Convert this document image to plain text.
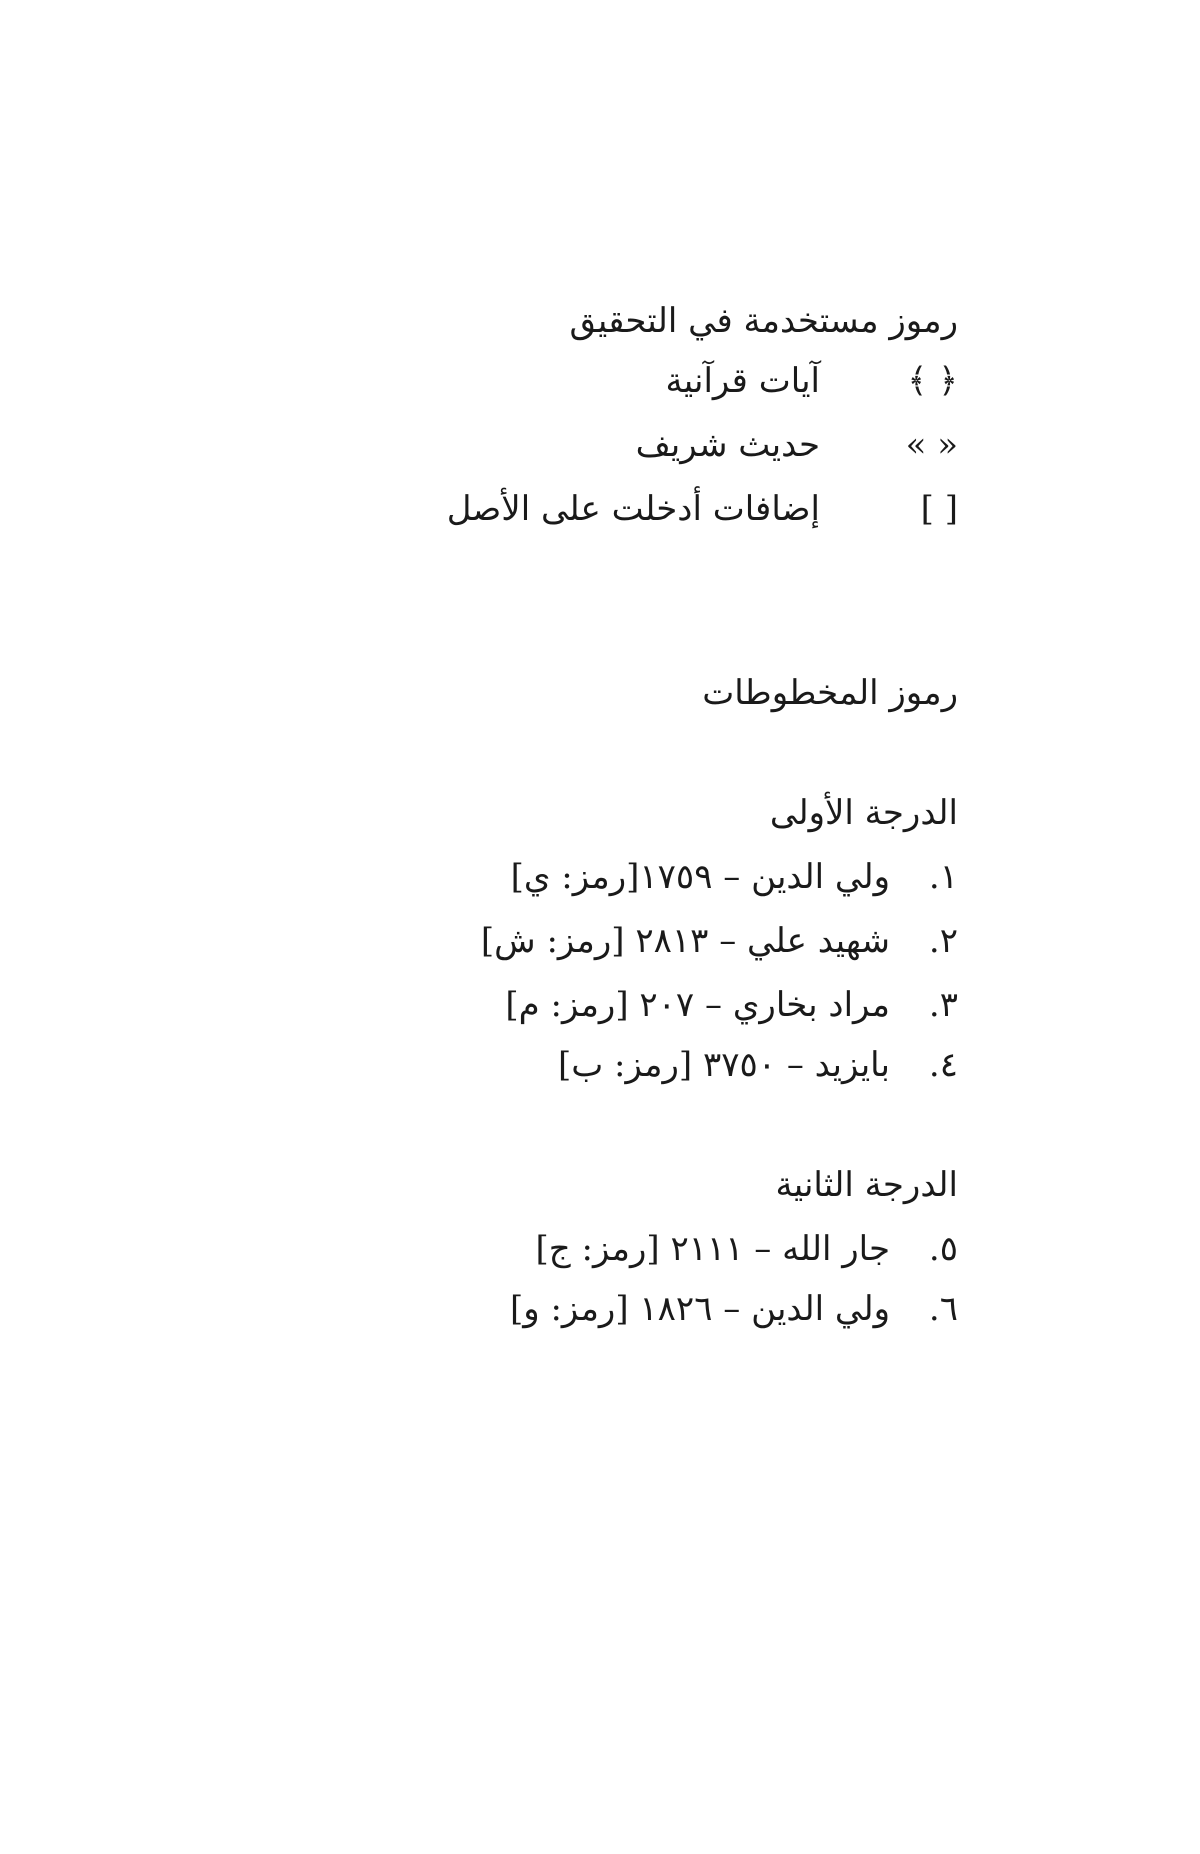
رموز مستخدمة في التحقيق
﴿ ﴾
آيات قرآنية
« »
حديث شريف
[ ]
إضافات أدخلت على الأصل
رموز المخطوطات
الدرجة الأولى
١.
ولي الدين – ١٧٥٩[رمز: ي]
٢.
شهيد علي – ٢٨١٣ [رمز: ش]
٣.
مراد بخاري – ٢٠٧ [رمز: م]
٤.
بايزيد – ٣٧٥٠ [رمز: ب]
الدرجة الثانية
٥.
جار الله – ٢١١١ [رمز: ج]
٦.
ولي الدين – ١٨٢٦ [رمز: و]
